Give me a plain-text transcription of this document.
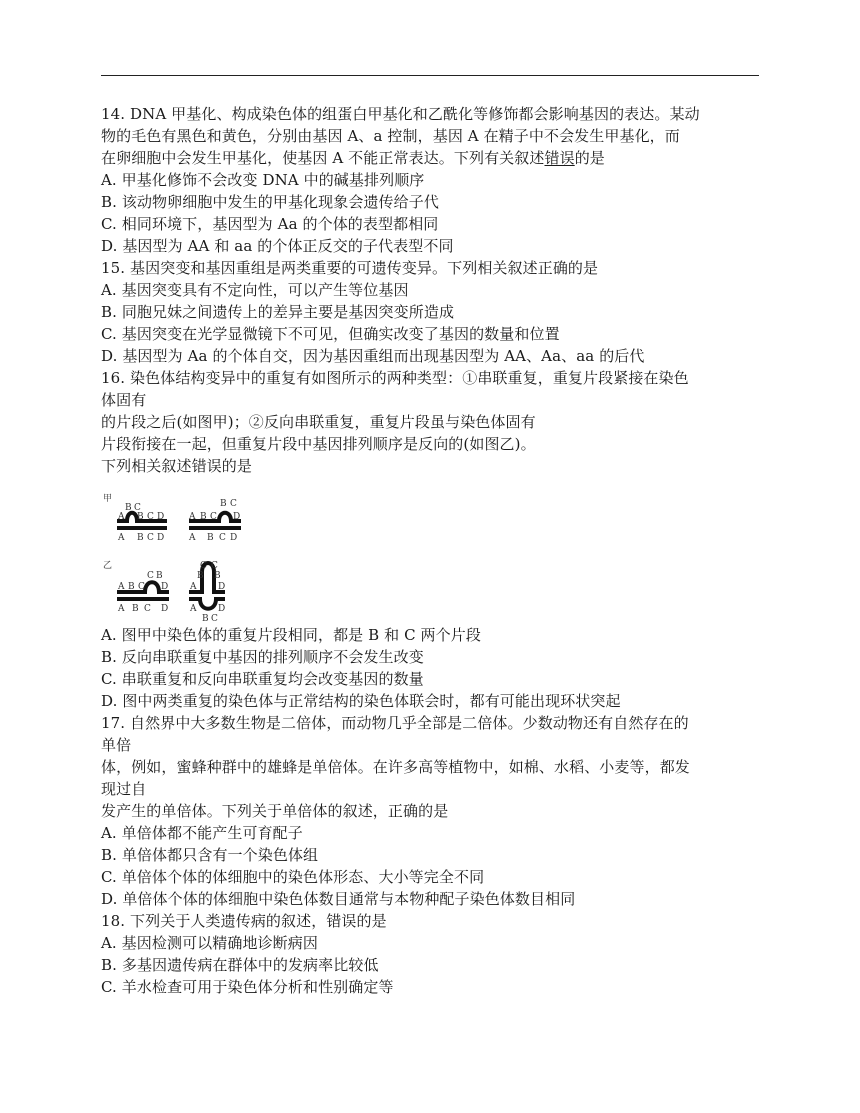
14. DNA 甲基化、构成染色体的组蛋白甲基化和乙酰化等修饰都会影响基因的表达。某动
物的毛色有黑色和黄色，分别由基因 A、a 控制，基因 A 在精子中不会发生甲基化，而
在卵细胞中会发生甲基化，使基因 A 不能正常表达。下列有关叙述错误的是
A. 甲基化修饰不会改变 DNA 中的碱基排列顺序
B. 该动物卵细胞中发生的甲基化现象会遗传给子代
C. 相同环境下，基因型为 Aa 的个体的表型都相同
D. 基因型为 AA 和 aa 的个体正反交的子代表型不同
15. 基因突变和基因重组是两类重要的可遗传变异。下列相关叙述正确的是
A. 基因突变具有不定向性，可以产生等位基因
B. 同胞兄妹之间遗传上的差异主要是基因突变所造成
C. 基因突变在光学显微镜下不可见，但确实改变了基因的数量和位置
D. 基因型为 Aa 的个体自交，因为基因重组而出现基因型为 AA、Aa、aa 的后代
16. 染色体结构变异中的重复有如图所示的两种类型：①串联重复，重复片段紧接在染色
体固有
的片段之后(如图甲)；②反向串联重复，重复片段虽与染色体固有
片段衔接在一起，但重复片段中基因排列顺序是反向的(如图乙)。
下列相关叙述错误的是
甲
B C
A B C D
A B C D
B C
A B C D
A B C D
乙
C B
A B C D
A B C D
C C
B B
A D
A D
B C
A. 图甲中染色体的重复片段相同，都是 B 和 C 两个片段
B. 反向串联重复中基因的排列顺序不会发生改变
C. 串联重复和反向串联重复均会改变基因的数量
D. 图中两类重复的染色体与正常结构的染色体联会时，都有可能出现环状突起
17. 自然界中大多数生物是二倍体，而动物几乎全部是二倍体。少数动物还有自然存在的
单倍
体，例如，蜜蜂种群中的雄蜂是单倍体。在许多高等植物中，如棉、水稻、小麦等，都发
现过自
发产生的单倍体。下列关于单倍体的叙述，正确的是
A. 单倍体都不能产生可育配子
B. 单倍体都只含有一个染色体组
C. 单倍体个体的体细胞中的染色体形态、大小等完全不同
D. 单倍体个体的体细胞中染色体数目通常与本物种配子染色体数目相同
18. 下列关于人类遗传病的叙述，错误的是
A. 基因检测可以精确地诊断病因
B. 多基因遗传病在群体中的发病率比较低
C. 羊水检查可用于染色体分析和性别确定等
